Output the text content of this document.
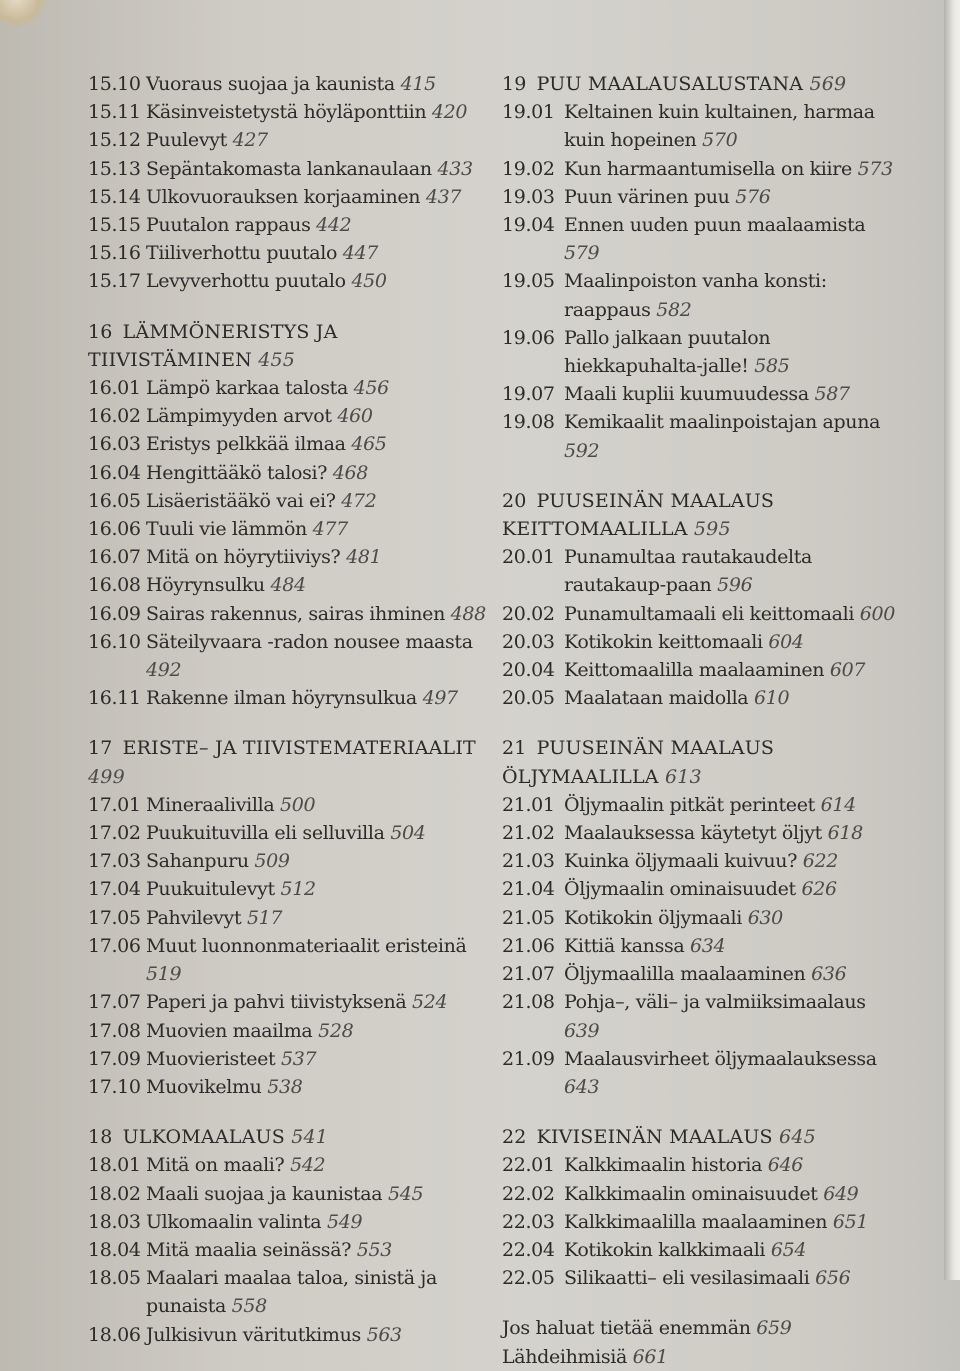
15.10 Vuoraus suojaa ja kaunista 415
15.11 Käsinveistetystä höyläponttiin 420
15.12 Puulevyt 427
15.13 Sepäntakomasta lankanaulaan 433
15.14 Ulkovuorauksen korjaaminen 437
15.15 Puutalon rappaus 442
15.16 Tiiliverhottu puutalo 447
15.17 Levyverhottu puutalo 450
16 LÄMMÖNERISTYS JA
TIIVISTÄMINEN 455
16.01 Lämpö karkaa talosta 456
16.02 Lämpimyyden arvot 460
16.03 Eristys pelkkää ilmaa 465
16.04 Hengittääkö talosi? 468
16.05 Lisäeristääkö vai ei? 472
16.06 Tuuli vie lämmön 477
16.07 Mitä on höyrytiiviys? 481
16.08 Höyrynsulku 484
16.09 Sairas rakennus, sairas ihminen 488
16.10 Säteilyvaara -radon nousee maasta 492
16.11 Rakenne ilman höyrynsulkua 497
17 ERISTE– JA TIIVISTEMATERIAALIT 499
17.01 Mineraalivilla 500
17.02 Puukuituvilla eli selluvilla 504
17.03 Sahanpuru 509
17.04 Puukuitulevyt 512
17.05 Pahvilevyt 517
17.06 Muut luonnonmateriaalit eristeinä 519
17.07 Paperi ja pahvi tiivistyksenä 524
17.08 Muovien maailma 528
17.09 Muovieristeet 537
17.10 Muovikelmu 538
18 ULKOMAALAUS 541
18.01 Mitä on maali? 542
18.02 Maali suojaa ja kaunistaa 545
18.03 Ulkomaalin valinta 549
18.04 Mitä maalia seinässä? 553
18.05 Maalari maalaa taloa, sinistä ja punaista 558
18.06 Julkisivun väritutkimus 563
19 PUU MAALAUSALUSTANA 569
19.01 Keltainen kuin kultainen, harmaa kuin hopeinen 570
19.02 Kun harmaantumisella on kiire 573
19.03 Puun värinen puu 576
19.04 Ennen uuden puun maalaamista 579
19.05 Maalinpoiston vanha konsti: raappaus 582
19.06 Pallo jalkaan puutalon hiekkapuhalta-jalle! 585
19.07 Maali kuplii kuumuudessa 587
19.08 Kemikaalit maalinpoistajan apuna 592
20 PUUSEINÄN MAALAUS
KEITTOMAALILLA 595
20.01 Punamultaa rautakaudelta rautakaup-paan 596
20.02 Punamultamaali eli keittomaali 600
20.03 Kotikokin keittomaali 604
20.04 Keittomaalilla maalaaminen 607
20.05 Maalataan maidolla 610
21 PUUSEINÄN MAALAUS
ÖLJYMAALILLA 613
21.01 Öljymaalin pitkät perinteet 614
21.02 Maalauksessa käytetyt öljyt 618
21.03 Kuinka öljymaali kuivuu? 622
21.04 Öljymaalin ominaisuudet 626
21.05 Kotikokin öljymaali 630
21.06 Kittiä kanssa 634
21.07 Öljymaalilla maalaaminen 636
21.08 Pohja–, väli– ja valmiiksimaalaus 639
21.09 Maalausvirheet öljymaalauksessa 643
22 KIVISEINÄN MAALAUS 645
22.01 Kalkkimaalin historia 646
22.02 Kalkkimaalin ominaisuudet 649
22.03 Kalkkimaalilla maalaaminen 651
22.04 Kotikokin kalkkimaali 654
22.05 Silikaatti– eli vesilasimaali 656
Jos haluat tietää enemmän 659
Lähdeihmisiä 661
